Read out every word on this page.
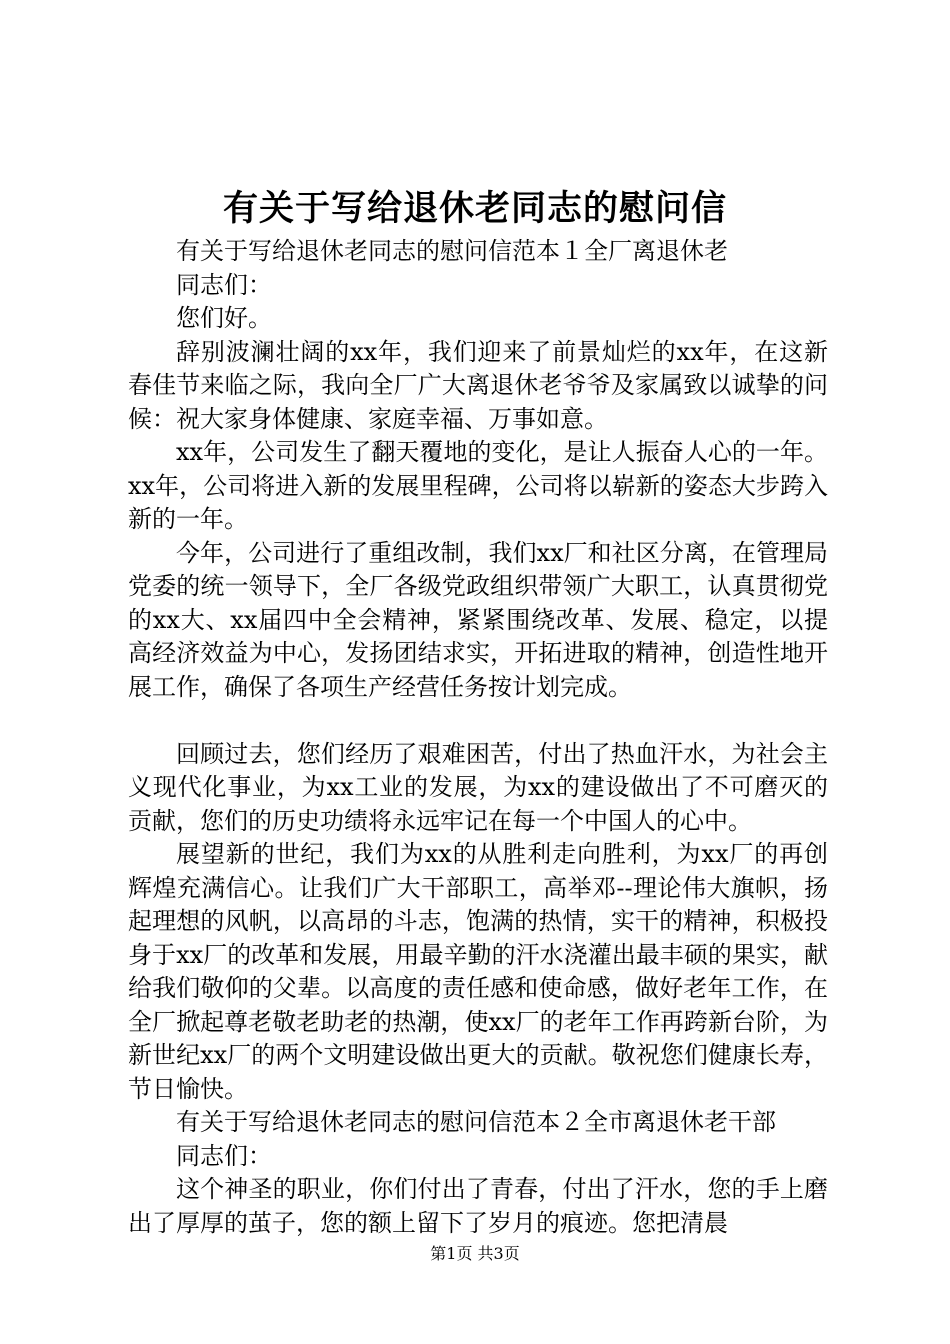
有关于写给退休老同志的慰问信

有关于写给退休老同志的慰问信范本１全厂离退休老

同志们：

您们好。

辞别波澜壮阔的xx年，我们迎来了前景灿烂的xx年，在这新春佳节来临之际，我向全厂广大离退休老爷爷及家属致以诚挚的问候：祝大家身体健康、家庭幸福、万事如意。

xx年，公司发生了翻天覆地的变化，是让人振奋人心的一年。xx年，公司将进入新的发展里程碑，公司将以崭新的姿态大步跨入新的一年。

今年，公司进行了重组改制，我们xx厂和社区分离，在管理局党委的统一领导下，全厂各级党政组织带领广大职工，认真贯彻党的xx大、xx届四中全会精神，紧紧围绕改革、发展、稳定，以提高经济效益为中心，发扬团结求实，开拓进取的精神，创造性地开展工作，确保了各项生产经营任务按计划完成。

回顾过去，您们经历了艰难困苦，付出了热血汗水，为社会主义现代化事业，为xx工业的发展，为xx的建设做出了不可磨灭的贡献，您们的历史功绩将永远牢记在每一个中国人的心中。

展望新的世纪，我们为xx的从胜利走向胜利，为xx厂的再创辉煌充满信心。让我们广大干部职工，高举邓--理论伟大旗帜，扬起理想的风帆，以高昂的斗志，饱满的热情，实干的精神，积极投身于xx厂的改革和发展，用最辛勤的汗水浇灌出最丰硕的果实，献给我们敬仰的父辈。以高度的责任感和使命感，做好老年工作，在全厂掀起尊老敬老助老的热潮，使xx厂的老年工作再跨新台阶，为新世纪xx厂的两个文明建设做出更大的贡献。敬祝您们健康长寿，节日愉快。

有关于写给退休老同志的慰问信范本２全市离退休老干部

同志们：

这个神圣的职业，你们付出了青春，付出了汗水，您的手上磨出了厚厚的茧子，您的额上留下了岁月的痕迹。您把清晨

第1页 共3页
